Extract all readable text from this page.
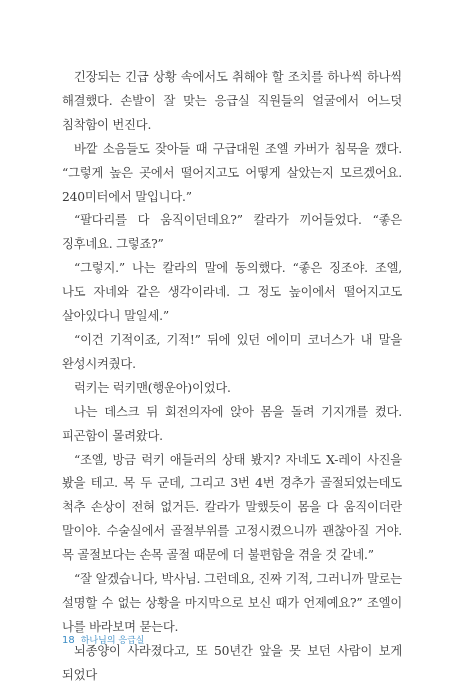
긴장되는 긴급 상황 속에서도 취해야 할 조치를 하나씩 하나씩 해결했다. 손발이 잘 맞는 응급실 직원들의 얼굴에서 어느덧 침착함이 번진다.

바깥 소음들도 잦아들 때 구급대원 조엘 카버가 침묵을 깼다. “그렇게 높은 곳에서 떨어지고도 어떻게 살았는지 모르겠어요. 240미터에서 말입니다.”

“팔다리를 다 움직이던데요?” 칼라가 끼어들었다. “좋은 징후네요. 그렇죠?”

“그렇지.” 나는 칼라의 말에 동의했다. “좋은 징조야. 조엘, 나도 자네와 같은 생각이라네. 그 정도 높이에서 떨어지고도 살아있다니 말일세.”

“이건 기적이죠, 기적!” 뒤에 있던 에이미 코너스가 내 말을 완성시켜줬다.

럭키는 럭키맨(행운아)이었다.

나는 데스크 뒤 회전의자에 앉아 몸을 돌려 기지개를 켰다. 피곤함이 몰려왔다.

“조엘, 방금 럭키 애들러의 상태 봤지? 자네도 X-레이 사진을 봤을 테고. 목 두 군데, 그리고 3번 4번 경추가 골절되었는데도 척추 손상이 전혀 없거든. 칼라가 말했듯이 몸을 다 움직이더란 말이야. 수술실에서 골절부위를 고정시켰으니까 괜찮아질 거야. 목 골절보다는 손목 골절 때문에 더 불편함을 겪을 것 같네.”

“잘 알겠습니다, 박사님. 그런데요, 진짜 기적, 그러니까 말로는 설명할 수 없는 상황을 마지막으로 보신 때가 언제예요?” 조엘이 나를 바라보며 묻는다.

뇌종양이 사라졌다고, 또 50년간 앞을 못 보던 사람이 보게 되었다

18 하나님의 응급실
